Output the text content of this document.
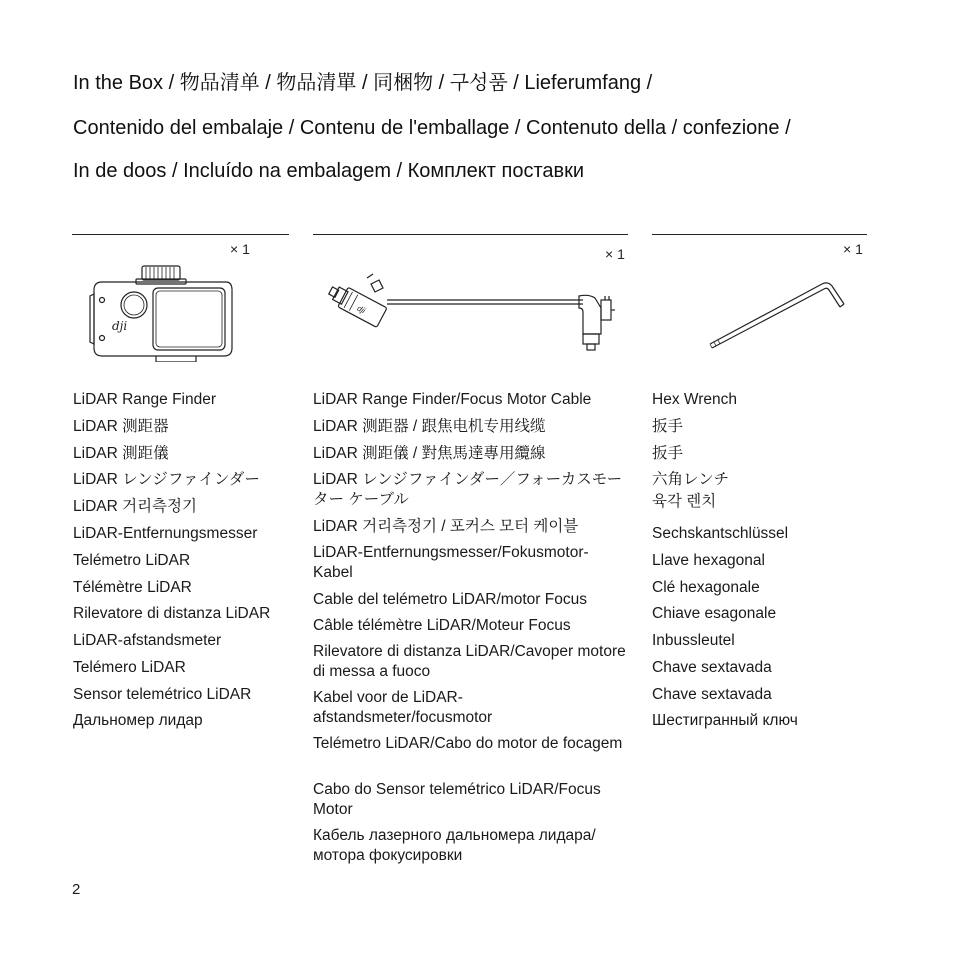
In the Box / 物品清单 / 物品清單 / 同梱物 / 구성품 / Lieferumfang /
Contenido del embalaje / Contenu de l'emballage / Contenuto della / confezione /
In de doos / Incluído na embalagem / Комплект поставки
× 1
dji
LiDAR Range Finder
LiDAR 测距器
LiDAR 測距儀
LiDAR レンジファインダー
LiDAR 거리측정기
LiDAR-Entfernungsmesser
Telémetro LiDAR
Télémètre LiDAR
Rilevatore di distanza LiDAR
LiDAR-afstandsmeter
Telémero LiDAR
Sensor telemétrico LiDAR
Дальномер лидар
× 1
dji
LiDAR Range Finder/Focus Motor Cable
LiDAR 测距器 / 跟焦电机专用线缆
LiDAR 測距儀 / 對焦馬達專用纜線
LiDAR レンジファインダー／フォーカスモーター ケーブル
LiDAR 거리측정기 / 포커스 모터 케이블
LiDAR-Entfernungsmesser/Fokusmotor-Kabel
Cable del telémetro LiDAR/motor Focus
Câble télémètre LiDAR/Moteur Focus
Rilevatore di distanza LiDAR/Cavoper motore di messa a fuoco
Kabel voor de LiDAR-afstandsmeter/focusmotor
Telémetro LiDAR/Cabo do motor de focagem
Cabo do Sensor telemétrico LiDAR/Focus Motor
Кабель лазерного дальномера лидара/мотора фокусировки
× 1
Hex Wrench
扳手
扳手
六角レンチ
육각 렌치
Sechskantschlüssel
Llave hexagonal
Clé hexagonale
Chiave esagonale
Inbussleutel
Chave sextavada
Chave sextavada
Шестигранный ключ
2
